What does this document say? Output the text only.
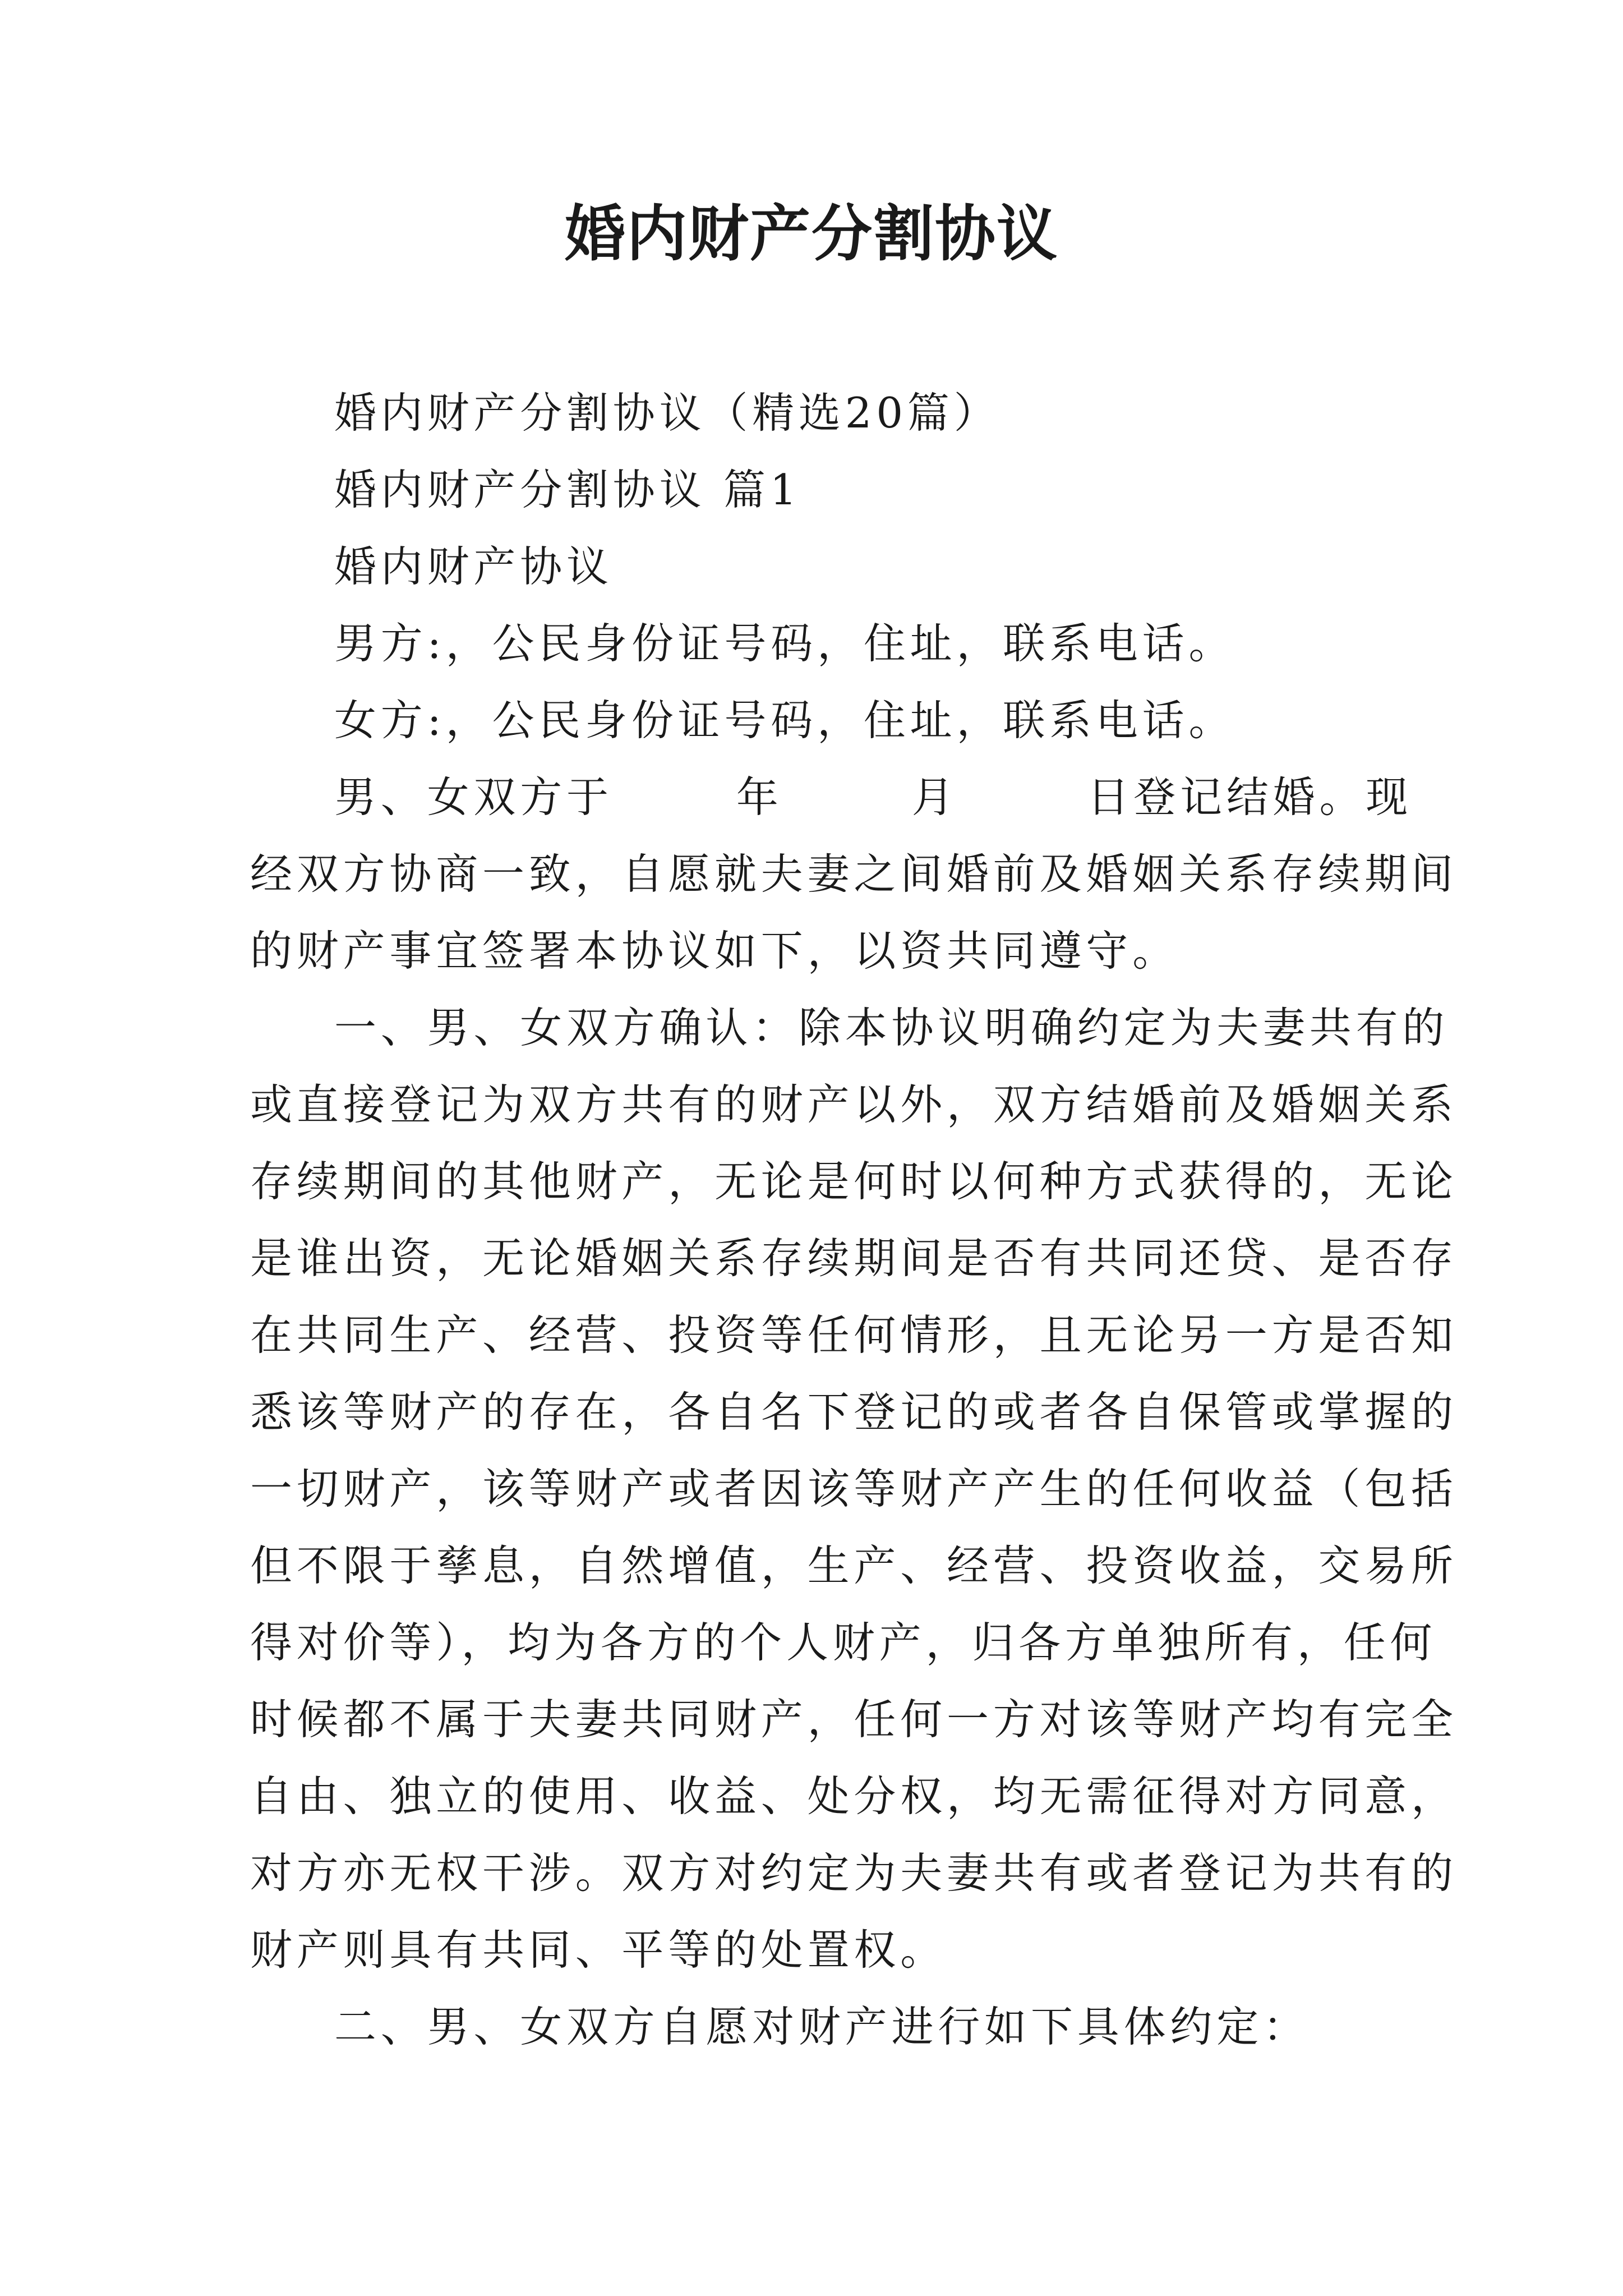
婚内财产分割协议

婚内财产分割协议（精选20篇）

婚内财产分割协议 篇1

婚内财产协议

男方:，公民身份证号码，住址，联系电话。

女方:，公民身份证号码，住址，联系电话。

男、女双方于	年	月	日登记结婚。现
经双方协商一致，自愿就夫妻之间婚前及婚姻关系存续期间
的财产事宜签署本协议如下，以资共同遵守。
一、男、女双方确认：除本协议明确约定为夫妻共有的
或直接登记为双方共有的财产以外，双方结婚前及婚姻关系
存续期间的其他财产，无论是何时以何种方式获得的，无论
是谁出资，无论婚姻关系存续期间是否有共同还贷、是否存
在共同生产、经营、投资等任何情形，且无论另一方是否知
悉该等财产的存在，各自名下登记的或者各自保管或掌握的
一切财产，该等财产或者因该等财产产生的任何收益（包括
但不限于孳息，自然增值，生产、经营、投资收益，交易所
得对价等），均为各方的个人财产，归各方单独所有，任何
时候都不属于夫妻共同财产，任何一方对该等财产均有完全
自由、独立的使用、收益、处分权，均无需征得对方同意，
对方亦无权干涉。双方对约定为夫妻共有或者登记为共有的
财产则具有共同、平等的处置权。

二、男、女双方自愿对财产进行如下具体约定：
